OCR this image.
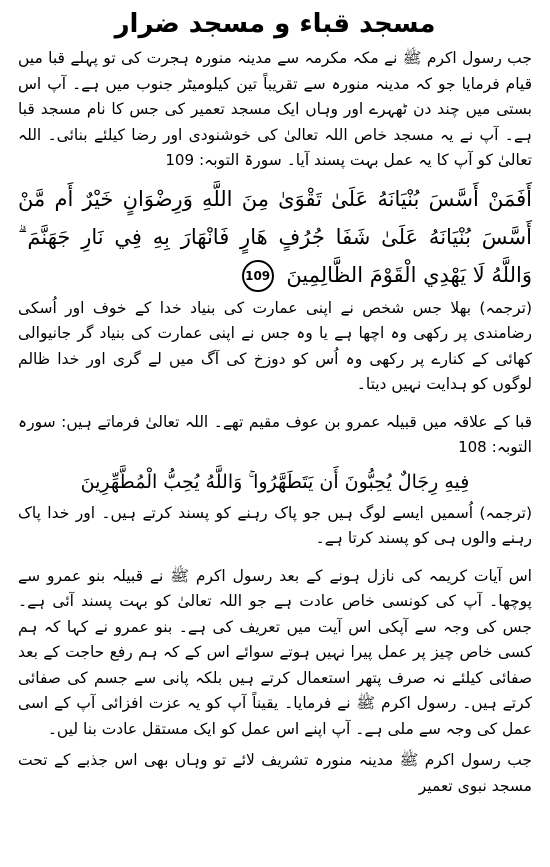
مسجد قباء و مسجد ضرار

جب رسول اکرم ﷺ نے مکہ مکرمہ سے مدینہ منورہ ہجرت کی تو پہلے قبا میں قیام فرمایا جو کہ مدینہ منورہ سے تقریباً تین کیلومیٹر جنوب میں ہے۔ آپ اس بستی میں چند دن ٹھہرے اور وہاں ایک مسجد تعمیر کی جس کا نام مسجد قبا ہے۔ آپ نے یہ مسجد خاص اللہ تعالیٰ کی خوشنودی اور رضا کیلئے بنائی۔ اللہ تعالیٰ کو آپ کا یہ عمل بہت پسند آیا۔ سورۃ التوبہ: 109

أَفَمَنْ أَسَّسَ بُنْيَانَهُ عَلَىٰ تَقْوَىٰ مِنَ اللَّهِ وَرِضْوَانٍ خَيْرٌ أَم مَّنْ أَسَّسَ بُنْيَانَهُ عَلَىٰ شَفَا جُرُفٍ هَارٍ فَانْهَارَ بِهِ فِي نَارِ جَهَنَّمَ ۗ وَاللَّهُ لَا يَهْدِي الْقَوْمَ الظَّالِمِينَ 109

(ترجمہ) بھلا جس شخص نے اپنی عمارت کی بنیاد خدا کے خوف اور اُسکی رضامندی پر رکھی وہ اچھا ہے یا وہ جس نے اپنی عمارت کی بنیاد گر جانیوالی کھائی کے کنارے پر رکھی وہ اُس کو دوزخ کی آگ میں لے گری اور خدا ظالم لوگوں کو ہدایت نہیں دیتا۔

قبا کے علاقہ میں قبیلہ عمرو بن عوف مقیم تھے۔ اللہ تعالیٰ فرماتے ہیں: سورہ التوبہ: 108

فِيهِ رِجَالٌ يُحِبُّونَ أَن يَتَطَهَّرُوا ۚ وَاللَّهُ يُحِبُّ الْمُطَّهِّرِينَ

(ترجمہ) اُسمیں ایسے لوگ ہیں جو پاک رہنے کو پسند کرتے ہیں۔ اور خدا پاک رہنے والوں ہی کو پسند کرتا ہے۔

اس آیات کریمہ کی نازل ہونے کے بعد رسول اکرم ﷺ نے قبیلہ بنو عمرو سے پوچھا۔ آپ کی کونسی خاص عادت ہے جو اللہ تعالیٰ کو بہت پسند آئی ہے۔ جس کی وجہ سے آپکی اس آیت میں تعریف کی ہے۔ بنو عمرو نے کہا کہ ہم کسی خاص چیز پر عمل پیرا نہیں ہوتے سوائے اس کے کہ ہم رفع حاجت کے بعد صفائی کیلئے نہ صرف پتھر استعمال کرتے ہیں بلکہ پانی سے جسم کی صفائی کرتے ہیں۔ رسول اکرم ﷺ نے فرمایا۔ یقیناً آپ کو یہ عزت افزائی آپ کے اسی عمل کی وجہ سے ملی ہے۔ آپ اپنے اس عمل کو ایک مستقل عادت بنا لیں۔

جب رسول اکرم ﷺ مدینہ منورہ تشریف لائے تو وہاں بھی اس جذبے کے تحت مسجد نبوی تعمیر
